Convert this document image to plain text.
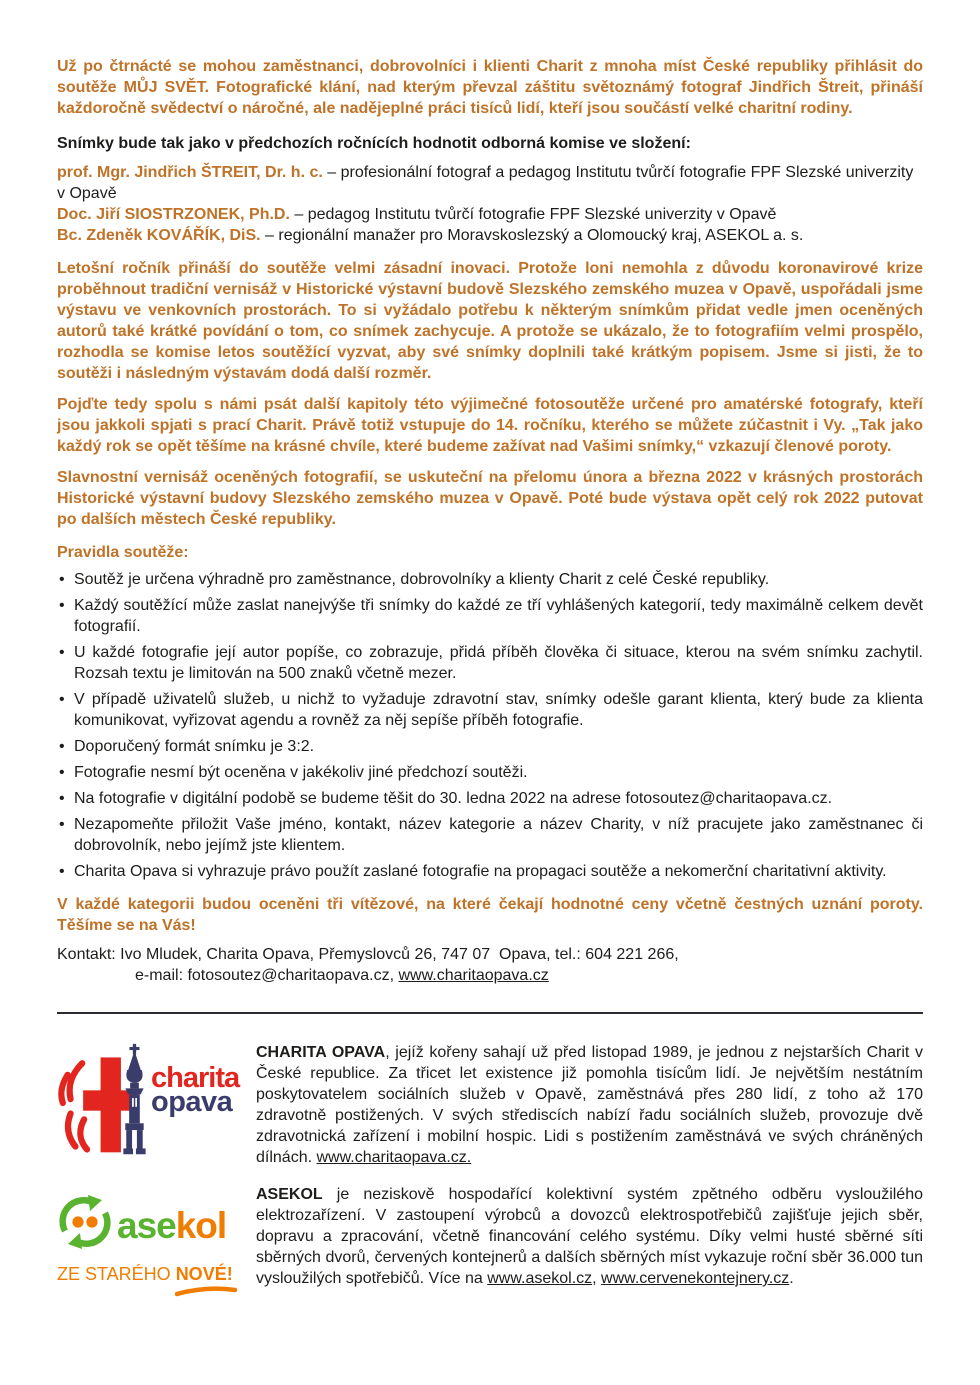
Už po čtrnácté se mohou zaměstnanci, dobrovolníci i klienti Charit z mnoha míst České republiky přihlásit do soutěže MŮJ SVĚT. Fotografické klání, nad kterým převzal záštitu světoznámý fotograf Jindřich Štreit, přináší každoročně svědectví o náročné, ale nadějeplné práci tisíců lidí, kteří jsou součástí velké charitní rodiny.

Snímky bude tak jako v předchozích ročnících hodnotit odborná komise ve složení:

prof. Mgr. Jindřich ŠTREIT, Dr. h. c. – profesionální fotograf a pedagog Institutu tvůrčí fotografie FPF Slezské univerzity v Opavě

Doc. Jiří SIOSTRZONEK, Ph.D. – pedagog Institutu tvůrčí fotografie FPF Slezské univerzity v Opavě

Bc. Zdeněk KOVÁŘÍK, DiS. – regionální manažer pro Moravskoslezský a Olomoucký kraj, ASEKOL a. s.

Letošní ročník přináší do soutěže velmi zásadní inovaci. Protože loni nemohla z důvodu koronavirové krize proběhnout tradiční vernisáž v Historické výstavní budově Slezského zemského muzea v Opavě, uspořádali jsme výstavu ve venkovních prostorách. To si vyžádalo potřebu k některým snímkům přidat vedle jmen oceněných autorů také krátké povídání o tom, co snímek zachycuje. A protože se ukázalo, že to fotografiím velmi prospělo, rozhodla se komise letos soutěžící vyzvat, aby své snímky doplnili také krátkým popisem. Jsme si jisti, že to soutěži i následným výstavám dodá další rozměr.

Pojďte tedy spolu s námi psát další kapitoly této výjimečné fotosoutěže určené pro amatérské fotografy, kteří jsou jakkoli spjati s prací Charit. Právě totiž vstupuje do 14. ročníku, kterého se můžete zúčastnit i Vy. „Tak jako každý rok se opět těšíme na krásné chvíle, které budeme zažívat nad Vašimi snímky,“ vzkazují členové poroty.

Slavnostní vernisáž oceněných fotografií, se uskuteční na přelomu února a března 2022 v krásných prostorách Historické výstavní budovy Slezského zemského muzea v Opavě. Poté bude výstava opět celý rok 2022 putovat po dalších městech České republiky.

Pravidla soutěže:

• Soutěž je určena výhradně pro zaměstnance, dobrovolníky a klienty Charit z celé České republiky.
• Každý soutěžící může zaslat nanejvýše tři snímky do každé ze tří vyhlášených kategorií, tedy maximálně celkem devět fotografií.
• U každé fotografie její autor popíše, co zobrazuje, přidá příběh člověka či situace, kterou na svém snímku zachytil. Rozsah textu je limitován na 500 znaků včetně mezer.
• V případě uživatelů služeb, u nichž to vyžaduje zdravotní stav, snímky odešle garant klienta, který bude za klienta komunikovat, vyřizovat agendu a rovněž za něj sepíše příběh fotografie.
• Doporučený formát snímku je 3:2.
• Fotografie nesmí být oceněna v jakékoliv jiné předchozí soutěži.
• Na fotografie v digitální podobě se budeme těšit do 30. ledna 2022 na adrese fotosoutez@charitaopava.cz.
• Nezapomeňte přiložit Vaše jméno, kontakt, název kategorie a název Charity, v níž pracujete jako zaměstnanec či dobrovolník, nebo jejímž jste klientem.
• Charita Opava si vyhrazuje právo použít zaslané fotografie na propagaci soutěže a nekomerční charitativní aktivity.

V každé kategorii budou oceněni tři vítězové, na které čekají hodnotné ceny včetně čestných uznání poroty. Těšíme se na Vás!

Kontakt: Ivo Mludek, Charita Opava, Přemyslovců 26, 747 07  Opava, tel.: 604 221 266,

e-mail: fotosoutez@charitaopava.cz, www.charitaopava.cz

charita
opava

CHARITA OPAVA, jejíž kořeny sahají už před listopad 1989, je jednou z nejstarších Charit v České republice. Za třicet let existence již pomohla tisícům lidí. Je největším nestátním poskytovatelem sociálních služeb v Opavě, zaměstnává přes 280 lidí, z toho až 170 zdravotně postižených. V svých střediscích nabízí řadu sociálních služeb, provozuje dvě zdravotnická zařízení i mobilní hospic. Lidi s postižením zaměstnává ve svých chráněných dílnách. www.charitaopava.cz.

asekol
ZE STARÉHO NOVÉ!

ASEKOL je neziskově hospodařící kolektivní systém zpětného odběru vysloužilého elektrozařízení. V zastoupení výrobců a dovozců elektrospotřebičů zajišťuje jejich sběr, dopravu a zpracování, včetně financování celého systému. Díky velmi husté sběrné síti sběrných dvorů, červených kontejnerů a dalších sběrných míst vykazuje roční sběr 36.000 tun vysloužilých spotřebičů. Více na www.asekol.cz, www.cervenekontejnery.cz.
